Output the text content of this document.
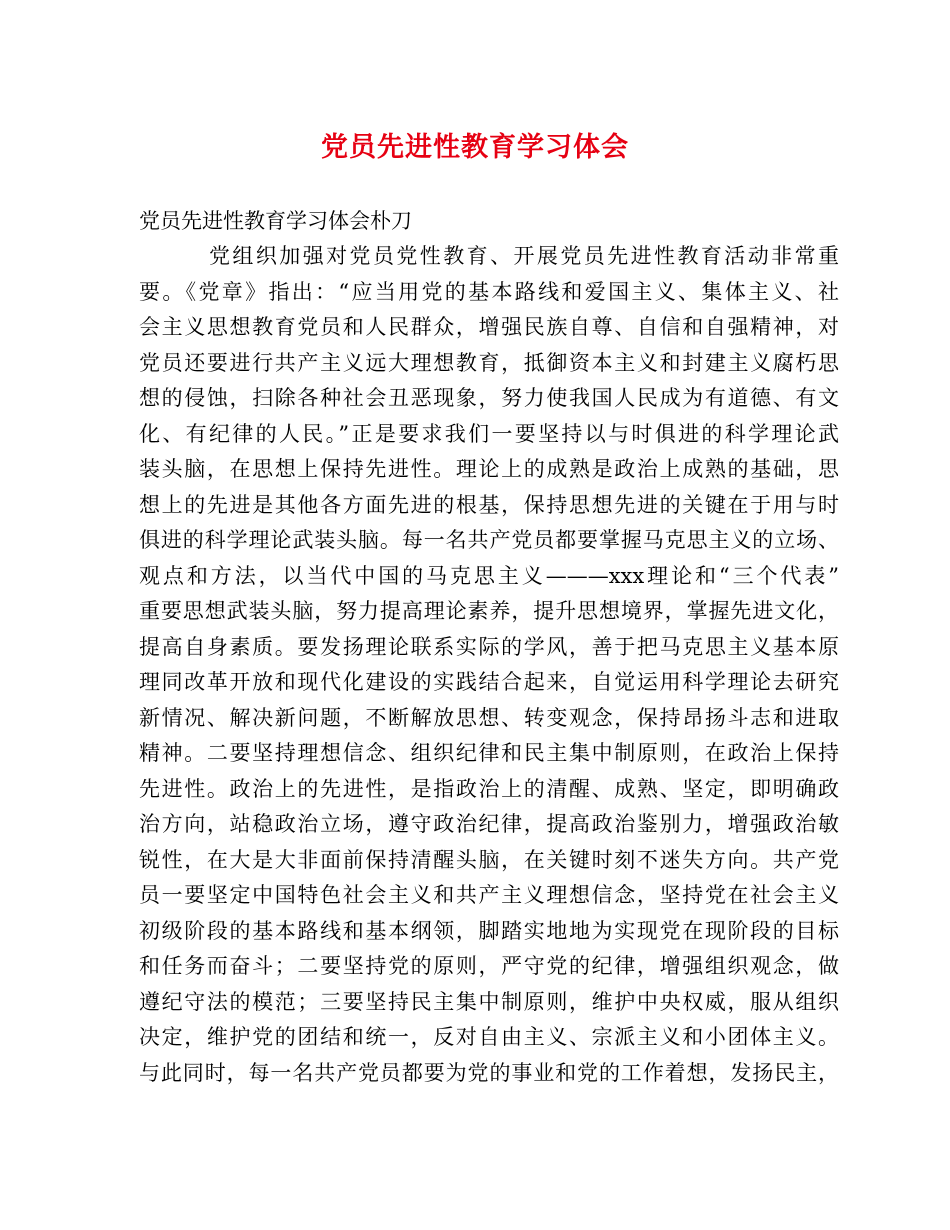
党员先进性教育学习体会
党员先进性教育学习体会朴刀
党组织加强对党员党性教育、开展党员先进性教育活动非常重
要。《党章》指出：“应当用党的基本路线和爱国主义、集体主义、社
会主义思想教育党员和人民群众，增强民族自尊、自信和自强精神，对
党员还要进行共产主义远大理想教育，抵御资本主义和封建主义腐朽思
想的侵蚀，扫除各种社会丑恶现象，努力使我国人民成为有道德、有文
化、有纪律的人民。”正是要求我们一要坚持以与时俱进的科学理论武
装头脑，在思想上保持先进性。理论上的成熟是政治上成熟的基础，思
想上的先进是其他各方面先进的根基，保持思想先进的关键在于用与时
俱进的科学理论武装头脑。每一名共产党员都要掌握马克思主义的立场、
观点和方法，以当代中国的马克思主义———xxx理论和“三个代表”
重要思想武装头脑，努力提高理论素养，提升思想境界，掌握先进文化，
提高自身素质。要发扬理论联系实际的学风，善于把马克思主义基本原
理同改革开放和现代化建设的实践结合起来，自觉运用科学理论去研究
新情况、解决新问题，不断解放思想、转变观念，保持昂扬斗志和进取
精神。二要坚持理想信念、组织纪律和民主集中制原则，在政治上保持
先进性。政治上的先进性，是指政治上的清醒、成熟、坚定，即明确政
治方向，站稳政治立场，遵守政治纪律，提高政治鉴别力，增强政治敏
锐性，在大是大非面前保持清醒头脑，在关键时刻不迷失方向。共产党
员一要坚定中国特色社会主义和共产主义理想信念，坚持党在社会主义
初级阶段的基本路线和基本纲领，脚踏实地地为实现党在现阶段的目标
和任务而奋斗；二要坚持党的原则，严守党的纪律，增强组织观念，做
遵纪守法的模范；三要坚持民主集中制原则，维护中央权威，服从组织
决定，维护党的团结和统一，反对自由主义、宗派主义和小团体主义。
与此同时，每一名共产党员都要为党的事业和党的工作着想，发扬民主，
